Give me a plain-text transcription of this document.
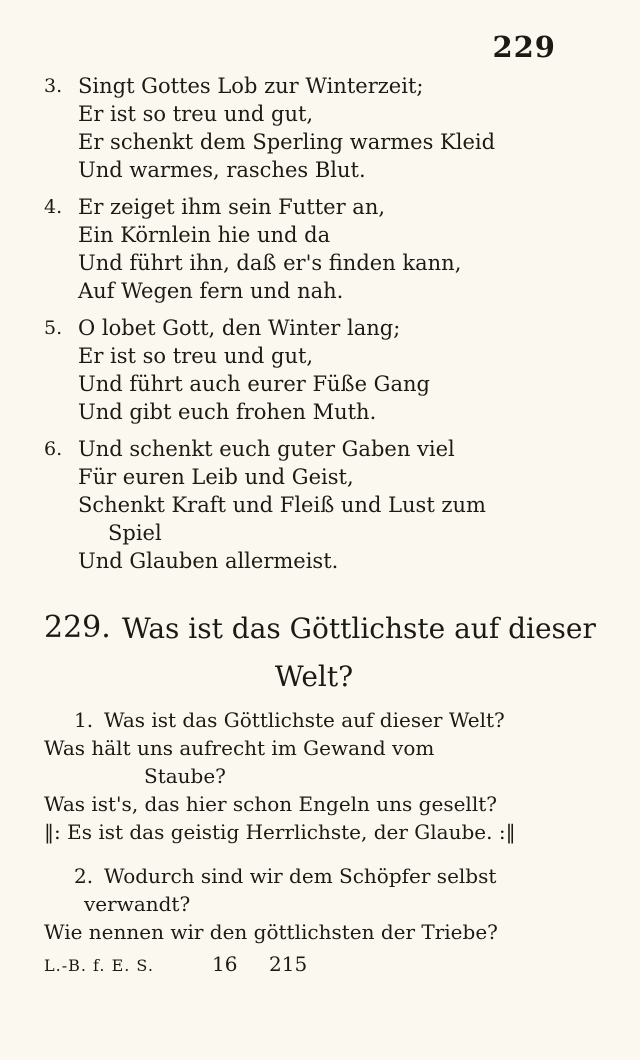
229
3. Singt Gottes Lob zur Winterzeit;
Er ist so treu und gut,
Er schenkt dem Sperling warmes Kleid
Und warmes, rasches Blut.
4. Er zeiget ihm sein Futter an,
Ein Körnlein hie und da
Und führt ihn, daß er's finden kann,
Auf Wegen fern und nah.
5. O lobet Gott, den Winter lang;
Er ist so treu und gut,
Und führt auch eurer Füße Gang
Und gibt euch frohen Muth.
6. Und schenkt euch guter Gaben viel
Für euren Leib und Geist,
Schenkt Kraft und Fleiß und Lust zum
Spiel
Und Glauben allermeist.
229. Was ist das Göttlichste auf dieser
Welt?
1. Was ist das Göttlichste auf dieser Welt?
Was hält uns aufrecht im Gewand vom
Staube?
Was ist's, das hier schon Engeln uns gesellt?
‖: Es ist das geistig Herrlichste, der Glaube. :‖
2. Wodurch sind wir dem Schöpfer selbst
verwandt?
Wie nennen wir den göttlichsten der Triebe?
L.-B. f. E. S.	16 215
